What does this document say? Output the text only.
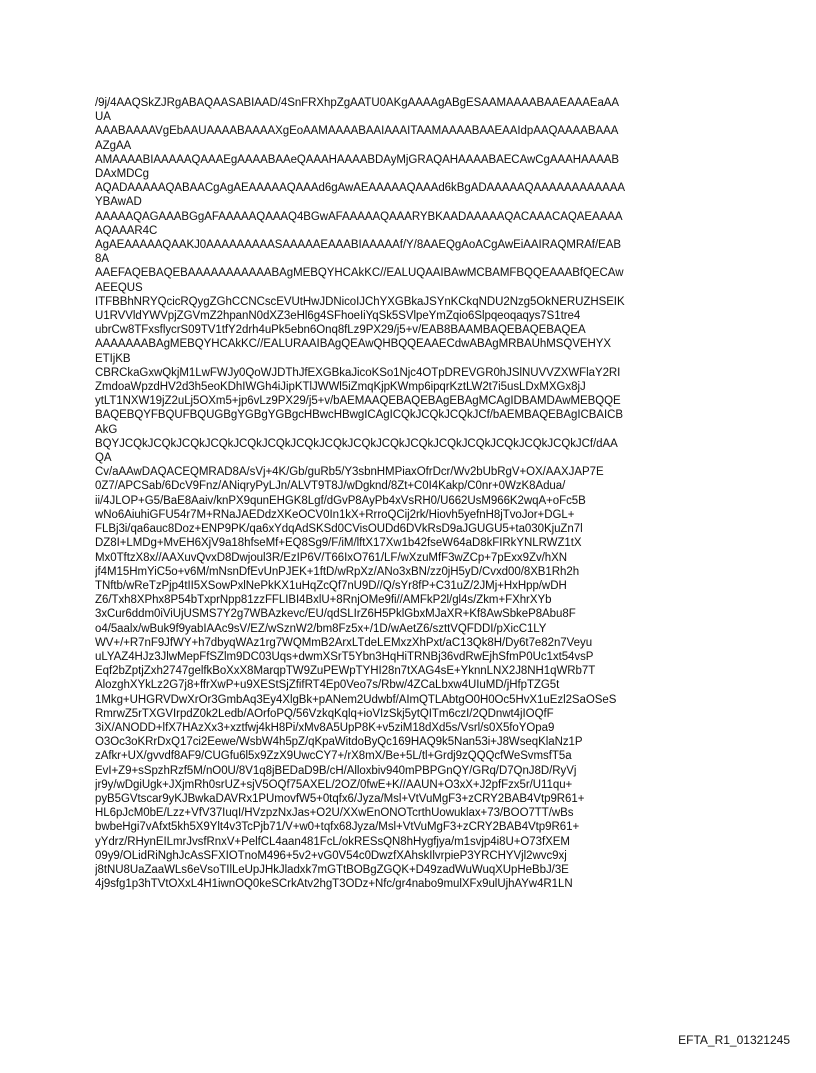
/9j/4AAQSkZJRgABAQAASABIAAD/4SnFRXhpZgAATU0AKgAAAAgABgESAAMAAAABAAEAAAEaAA
UA
AAABAAAAVgEbAAUAAAABAAAAXgEoAAMAAAABAAIAAAITAAMAAAABAAEAAIdpAAQAAAABAAA
AZgAA
AMAAAABIAAAAAQAAAEgAAAABAAeQAAAHAAAABDAyMjGRAQAHAAAABAECAwCgAAAHAAAAB
DAxMDCg
AQADAAAAAQABAACgAgAEAAAAAQAAAd6gAwAEAAAAAQAAAd6kBgADAAAAAQAAAAAAAAAAAA
YBAwAD
AAAAAQAGAAABGgAFAAAAAQAAAQ4BGwAFAAAAAQAAARYBKAADAAAAAQACAAACAQAEAAAA
AQAAAR4C
AgAEAAAAAQAAKJ0AAAAAAAAASAAAAAEAAABIAAAAAf/Y/8AAEQgAoACgAwEiAAIRAQMRAf/EAB
8A
AAEFAQEBAQEBAAAAAAAAAAABAgMEBQYHCAkKC//EALUQAAIBAwMCBAMFBQQEAAABfQECAw
AEEQUS
ITFBBhNRYQcicRQygZGhCCNCscEVUtHwJDNicoIJChYXGBkaJSYnKCkqNDU2Nzg5OkNERUZHSEIK
U1RVVldYWVpjZGVmZ2hpanN0dXZ3eHl6g4SFhoeIiYqSk5SVlpeYmZqio6Slpqeoqaqys7S1tre4
ubrCw8TFxsflycrS09TV1tfY2drh4uPk5ebn6Onq8fLz9PX29/j5+v/EAB8BAAMBAQEBAQEBAQEA
AAAAAAABAgMEBQYHCAkKC//EALURAAIBAgQEAwQHBQQEAAECdwABAgMRBAUhMSQVEHYX
ETIjKB
CBRCkaGxwQkjM1LwFWJy0QoWJDThJfEXGBkaJicoKSo1Njc4OTpDREVGR0hJSlNUVVZXWFlaY2RI
ZmdoaWpzdHV2d3h5eoKDhIWGh4iJipKTlJWWl5iZmqKjpKWmp6ipqrKztLW2t7i5usLDxMXGx8jJ
ytLT1NXW19jZ2uLj5OXm5+jp6vLz9PX29/j5+v/bAEMAAQEBAQEBAgEBAgMCAgIDBAMDAwMEBQQE
BAQEBQYFBQUFBQUGBgYGBgYGBgcHBwcHBwgICAgICQkJCQkJCQkJCf/bAEMBAQEBAgICBAICB
AkG
BQYJCQkJCQkJCQkJCQkJCQkJCQkJCQkJCQkJCQkJCQkJCQkJCQkJCQkJCQkJCQkJCQkJCf/dAA
QA
Cv/aAAwDAQACEQMRAD8A/sVj+4K/Gb/guRb5/Y3sbnHMPiaxOfrDcr/Wv2bUbRgV+OX/AAXJAP7E
0Z7/APCSab/6DcV9Fnz/ANiqryPyLJn/ALVT9T8J/wDgknd/8Zt+C0I4Kakp/C0nr+0WzK8Adua/
ii/4JLOP+G5/BaE8Aaiv/knPX9qunEHGK8Lgf/dGvP8AyPb4xVsRH0/U662UsM966K2wqA+oFc5B
wNo6AiuhiGFU54r7M+RNaJAEDdzXKeOCV0In1kX+RrroQCij2rk/Hiovh5yefnH8jTvoJor+DGL+
FLBj3i/qa6auc8Doz+ENP9PK/qa6xYdqAdSKSd0CVisOUDd6DVkRsD9aJGUGU5+ta030KjuZn7l
DZ8I+LMDg+MvEH6XjV9a18hfseMf+EQ8Sg9/F/iM/lftX17Xw1b42fseW64aD8kFIRkYNLRWZ1tX
Mx0TftzX8x//AAXuvQvxD8Dwjoul3R/EzIP6V/T66IxO761/LF/wXzuMfF3wZCp+7pExx9Zv/hXN
jf4M15HmYiC5o+v6M/mNsnDfEvUnPJEK+1ftD/wRpXz/ANo3xBN/zz0jH5yD/Cvxd00/8XB1Rh2h
TNftb/wReTzPjp4tII5XSowPxlNePkKX1uHqZcQf7nU9D//Q/sYr8fP+C31uZ/2JMj+HxHpp/wDH
Z6/Txh8XPhx8P54bTxprNpp81zzFFLIBI4BxlU+8RnjOMe9fi//AMFkP2l/gl4s/Zkm+FXhrXYb
3xCur6ddm0iViUjUSMS7Y2g7WBAzkevc/EU/qdSLIrZ6H5PklGbxMJaXR+Kf8AwSbkeP8Abu8F
o4/5aalx/wBuk9f9yabIAAc9sV/EZ/wSznW2/bm8Fz5x+/1D/wAetZ6/szttVQFDDI/pXicC1LY
WV+/+R7nF9JfWY+h7dbyqWAz1rg7WQMmB2ArxLTdeLEMxzXhPxt/aC13Qk8H/Dy6t7e82n7Veyu
uLYAZ4HJz3JlwMepFfSZlm9DC03Uqs+dwmXSrT5Ybn3HqHiTRNBj36vdRwEjhSfmP0Uc1xt54vsP
Eqf2bZptjZxh2747gelfkBoXxX8MarqpTW9ZuPEWpTYHI28n7tXAG4sE+YknnLNX2J8NH1qWRb7T
AlozghXYkLz2G7j8+ffrXwP+u9XEStSjZfifRT4Ep0Veo7s/Rbw/4ZCaLbxw4UIuMD/jHfpTZG5t
1Mkg+UHGRVDwXrOr3GmbAq3Ey4XlgBk+pANem2Udwbf/AImQTLAbtgO0H0Oc5HvX1uEzl2SaOSeS
RmrwZ5rTXGVIrpdZ0k2Ledb/AOrfoPQ/56VzkqKqlq+ioVIzSkj5ytQITm6czI/2QDnwt4jIOQfF
3iX/ANODD+lfX7HAzXx3+xztfwj4kH8Pi/xMv8A5UpP8K+v5ziM18dXd5s/Vsrl/s0X5foYOpa9
O3Oc3oKRrDxQ17ci2Eewe/WsbW4h5pZ/qKpaWitdoByQc169HAQ9k5Nan53i+J8WseqKlaNz1P
zAfkr+UX/gvvdf8AF9/CUGfu6l5x9ZzX9UwcCY7+/rX8mX/Be+5L/tl+Grdj9zQQQcfWeSvmsfT5a
EvI+Z9+sSpzhRzf5M/nO0U/8V1q8jBEDaD9B/cH/Alloxbiv940mPBPGnQY/GRq/D7QnJ8D/RyVj
jr9y/wDgiUgk+JXjmRh0srUZ+sjV5OQf75AXEL/2OZ/0fwE+K//AAUN+O3xX+J2pfFzx5r/U11qu+
pyB5GVtscar9yKJBwkaDAVRx1PUmovfW5+0tqfx6/Jyza/Msl+VtVuMgF3+zCRY2BAB4Vtp9R61+
HL6pJcM0bE/Lzz+VfV37IuqI/HVzpzNxJas+O2U/XXwEnONOTcrthUowuklax+73/BOO7TT/wBs
bwbeHgi7vAfxt5kh5X9Ylt4v3TcPjb71/V+w0+tqfx68Jyza/Msl+VtVuMgF3+zCRY2BAB4Vtp9R61+
yYdrz/RHynEILmrJvsfRnxV+PelfCL4aan481FcL/okRESsQN8hHygfjya/m1svjp4i8U+O73fXEM
09y9/OLidRiNghJcAsSFXIOTnoM496+5v2+vG0V54c0DwzfXAhskIlvrpieP3YRCHYVjl2wvc9xj
j8tNU8UaZaaWLs6eVsoTIlLeUpJHkJladxk7mGTtBOBgZGQK+D49zadWuWuqXUpHeBbJ/3E
4j9sfg1p3hTVtOXxL4H1iwnOQ0keSCrkAtv2hgT3ODz+Nfc/gr4nabo9mulXFx9ulUjhAYw4R1LN
EFTA_R1_01321245
